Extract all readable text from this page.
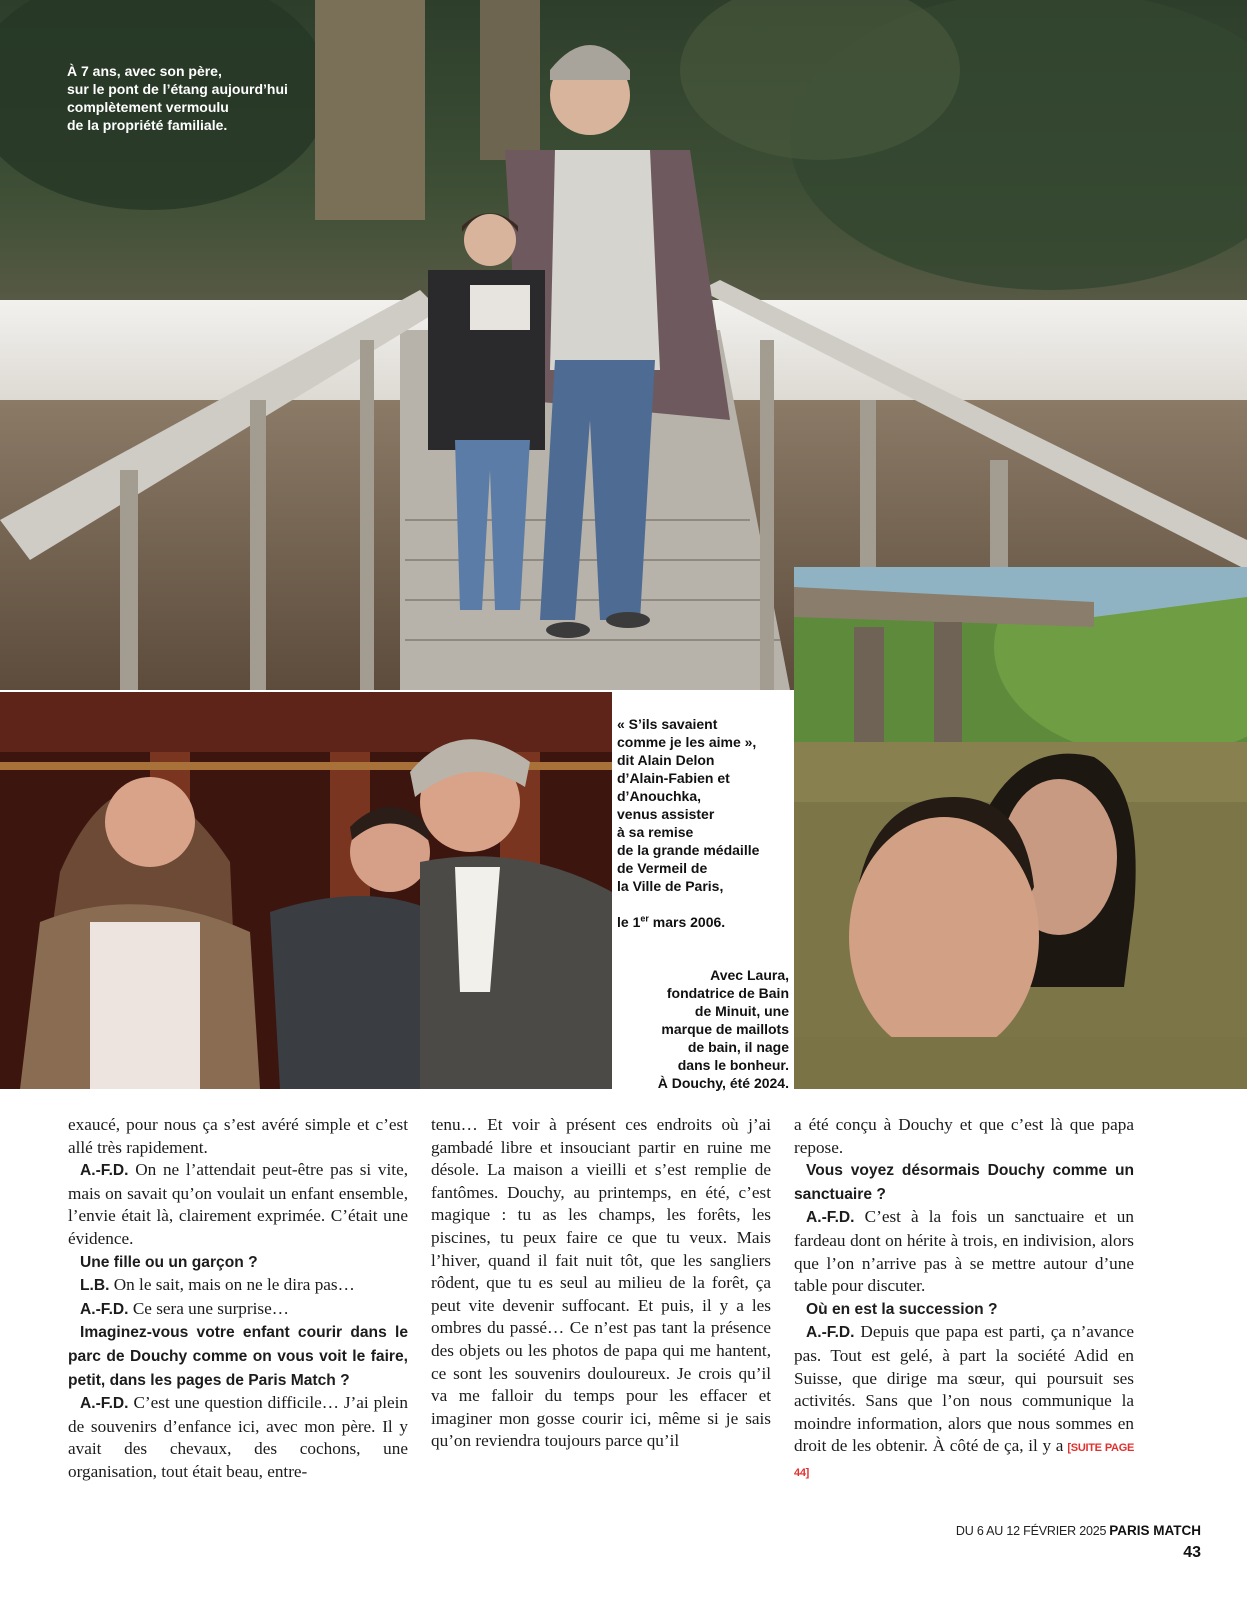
À 7 ans, avec son père,
sur le pont de l’étang aujourd’hui
complètement vermoulu
de la propriété familiale.

« S’ils savaient
comme je les aime »,
dit Alain Delon
d’Alain-Fabien et
d’Anouchka,
venus assister
à sa remise
de la grande médaille
de Vermeil de
la Ville de Paris,

le 1er mars 2006.

Avec Laura,
fondatrice de Bain
de Minuit, une
marque de maillots
de bain, il nage
dans le bonheur.
À Douchy, été 2024.

exaucé, pour nous ça s’est avéré simple et c’est allé très rapidement.

A.-F.D. On ne l’attendait peut-être pas si vite, mais on savait qu’on voulait un enfant ensemble, l’envie était là, clairement exprimée. C’était une évidence.

Une fille ou un garçon ?

L.B. On le sait, mais on ne le dira pas…

A.-F.D. Ce sera une surprise…

Imaginez-vous votre enfant courir dans le parc de Douchy comme on vous voit le faire, petit, dans les pages de Paris Match ?

A.-F.D. C’est une question difficile… J’ai plein de souvenirs d’enfance ici, avec mon père. Il y avait des chevaux, des cochons, une organisation, tout était beau, entre-

tenu… Et voir à présent ces endroits où j’ai gambadé libre et insouciant partir en ruine me désole. La maison a vieilli et s’est remplie de fantômes. Douchy, au printemps, en été, c’est magique : tu as les champs, les forêts, les piscines, tu peux faire ce que tu veux. Mais l’hiver, quand il fait nuit tôt, que les sangliers rôdent, que tu es seul au milieu de la forêt, ça peut vite devenir suffocant. Et puis, il y a les ombres du passé… Ce n’est pas tant la présence des objets ou les photos de papa qui me hantent, ce sont les souvenirs douloureux. Je crois qu’il va me falloir du temps pour les effacer et imaginer mon gosse courir ici, même si je sais qu’on reviendra toujours parce qu’il

a été conçu à Douchy et que c’est là que papa repose.

Vous voyez désormais Douchy comme un sanctuaire ?

A.-F.D. C’est à la fois un sanctuaire et un fardeau dont on hérite à trois, en indivision, alors que l’on n’arrive pas à se mettre autour d’une table pour discuter.

Où en est la succession ?

A.-F.D. Depuis que papa est parti, ça n’avance pas. Tout est gelé, à part la société Adid en Suisse, que dirige ma sœur, qui poursuit ses activités. Sans que l’on nous communique la moindre information, alors que nous sommes en droit de les obtenir. À côté de ça, il y a [SUITE PAGE 44]

DU 6 AU 12 FÉVRIER 2025 PARIS MATCH
43
